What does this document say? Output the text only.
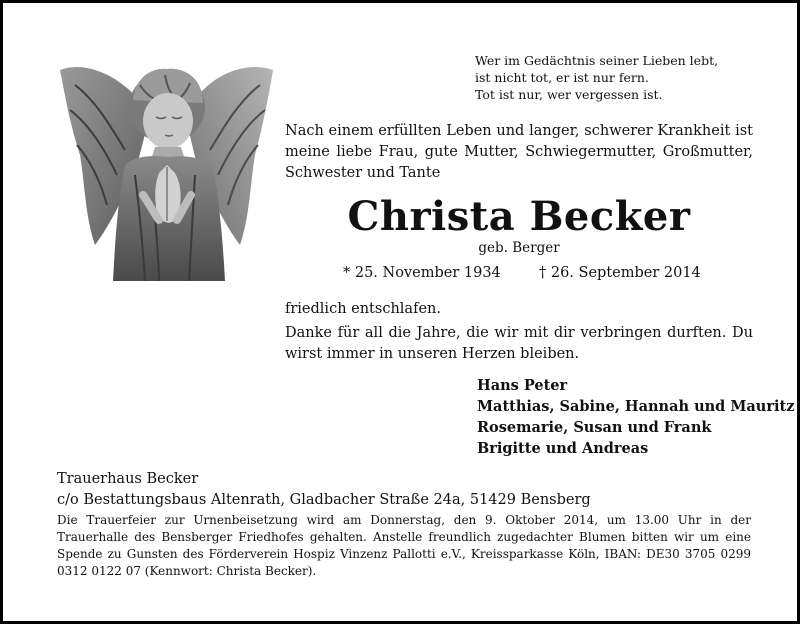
Wer im Gedächtnis seiner Lieben lebt,
ist nicht tot, er ist nur fern.
Tot ist nur, wer vergessen ist.
Nach einem erfüllten Leben und langer, schwerer Krankheit ist meine liebe Frau, gute Mutter, Schwiegermutter, Großmutter, Schwester und Tante
Christa Becker
geb. Berger
* 25. November 1934	† 26. September 2014
friedlich entschlafen.
Danke für all die Jahre, die wir mit dir verbringen durften. Du wirst immer in unseren Herzen bleiben.
Hans Peter
Matthias, Sabine, Hannah und Mauritz
Rosemarie, Susan und Frank
Brigitte und Andreas
Trauerhaus Becker
c/o Bestattungsbaus Altenrath, Gladbacher Straße 24a, 51429 Bensberg
Die Trauerfeier zur Urnenbeisetzung wird am Donnerstag, den 9. Oktober 2014, um 13.00 Uhr in der Trauerhalle des Bensberger Friedhofes gehalten. Anstelle freundlich zugedachter Blumen bitten wir um eine Spende zu Gunsten des Förderverein Hospiz Vinzenz Pallotti e.V., Kreissparkasse Köln, IBAN: DE30 3705 0299 0312 0122 07 (Kennwort: Christa Becker).
